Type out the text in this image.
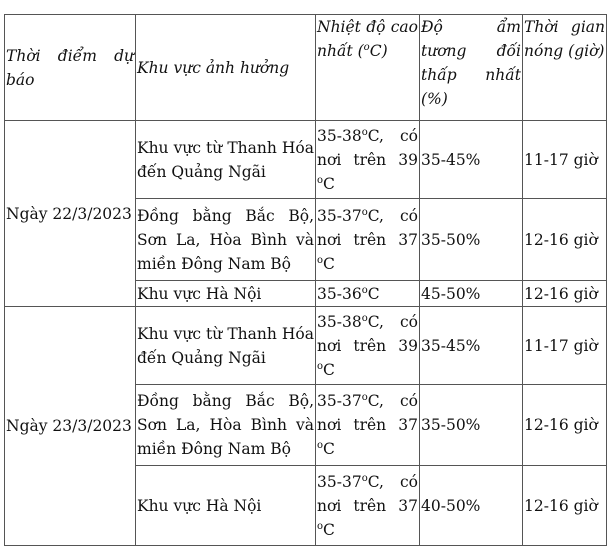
Thời điểm dự báo	Khu vực ảnh hưởng	Nhiệt độ cao nhất ($^o$C)	Độ ẩm tương đối thấp nhất (%)	Thời gian nóng (giờ)
Ngày 22/3/2023	Khu vực từ Thanh Hóa đến Quảng Ngãi	35-38$^o$C, có nơi trên 39 $^o$C	35-45%	11-17 giờ
	Đồng bằng Bắc Bộ, Sơn La, Hòa Bình và miền Đông Nam Bộ	35-37$^o$C, có nơi trên 37 $^o$C	35-50%	12-16 giờ
	Khu vực Hà Nội	35-36$^o$C	45-50%	12-16 giờ
Ngày 23/3/2023	Khu vực từ Thanh Hóa đến Quảng Ngãi	35-38$^o$C, có nơi trên 39 $^o$C	35-45%	11-17 giờ
	Đồng bằng Bắc Bộ, Sơn La, Hòa Bình và miền Đông Nam Bộ	35-37$^o$C, có nơi trên 37 $^o$C	35-50%	12-16 giờ
	Khu vực Hà Nội	35-37$^o$C, có nơi trên 37 $^o$C	40-50%	12-16 giờ
